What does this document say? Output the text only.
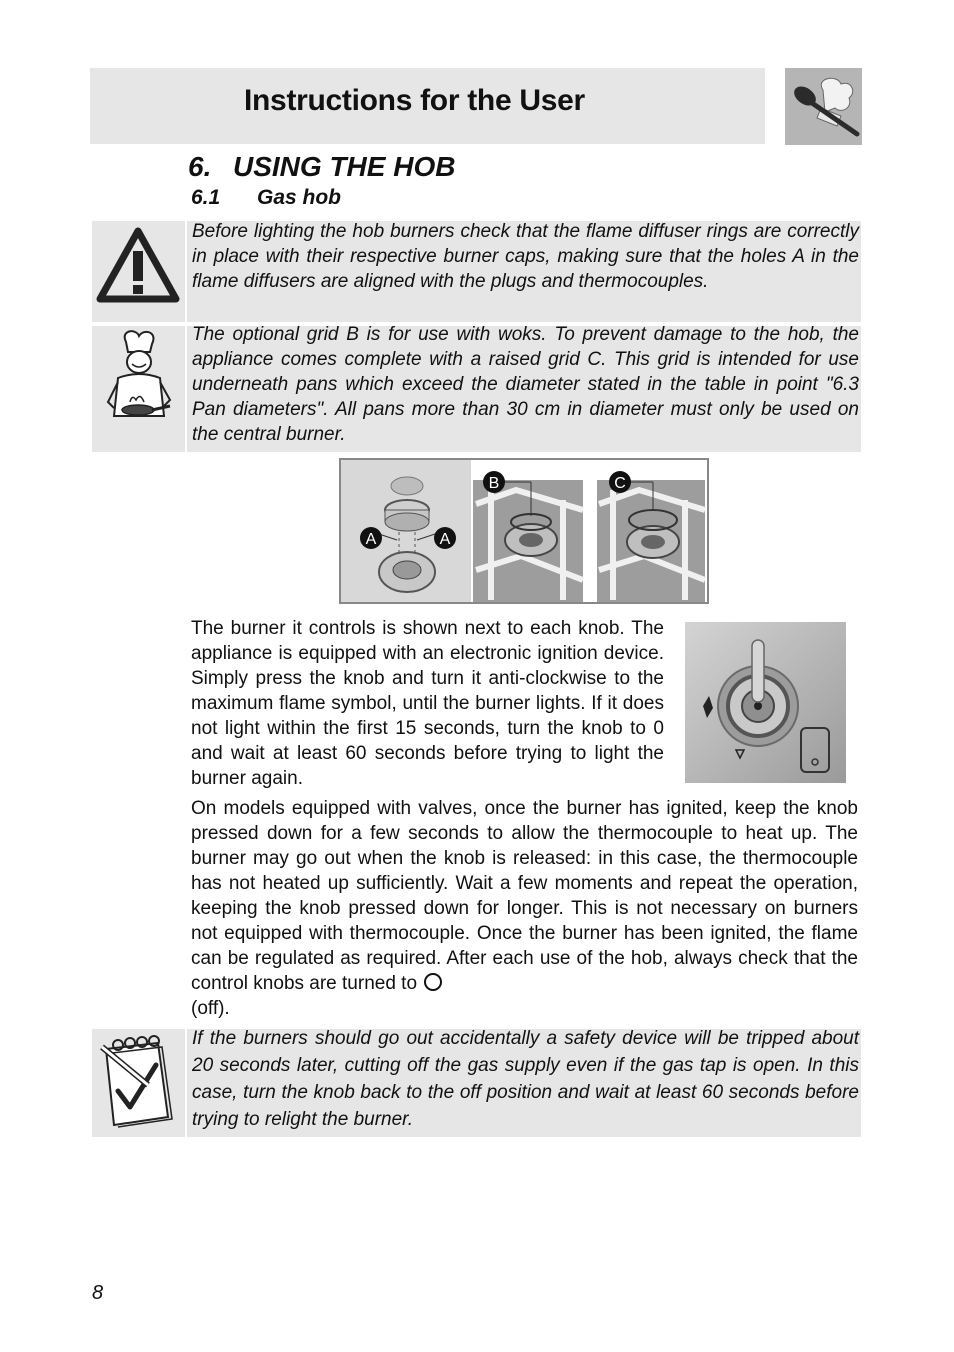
Instructions for the User
6. USING THE HOB
6.1 Gas hob
Before lighting the hob burners check that the flame diffuser rings are correctly in place with their respective burner caps, making sure that the holes A in the flame diffusers are aligned with the plugs and thermocouples.
The optional grid B is for use with woks. To prevent damage to the hob, the appliance comes complete with a raised grid C. This grid is intended for use underneath pans which exceed the diameter stated in the table in point "6.3 Pan diameters". All pans more than 30 cm in diameter must only be used on the central burner.
A	A
B	C
The burner it controls is shown next to each knob. The appliance is equipped with an electronic ignition device. Simply press the knob and turn it anti-clockwise to the maximum flame symbol, until the burner lights. If it does not light within the first 15 seconds, turn the knob to 0 and wait at least 60 seconds before trying to light the burner again.
On models equipped with valves, once the burner has ignited, keep the knob pressed down for a few seconds to allow the thermocouple to heat up. The burner may go out when the knob is released: in this case, the thermocouple has not heated up sufficiently. Wait a few moments and repeat the operation, keeping the knob pressed down for longer. This is not necessary on burners not equipped with thermocouple. Once the burner has been ignited, the flame can be regulated as required. After each use of the hob, always check that the control knobs are turned to
(off).
If the burners should go out accidentally a safety device will be tripped about 20 seconds later, cutting off the gas supply even if the gas tap is open. In this case, turn the knob back to the off position and wait at least 60 seconds before trying to relight the burner.
8
